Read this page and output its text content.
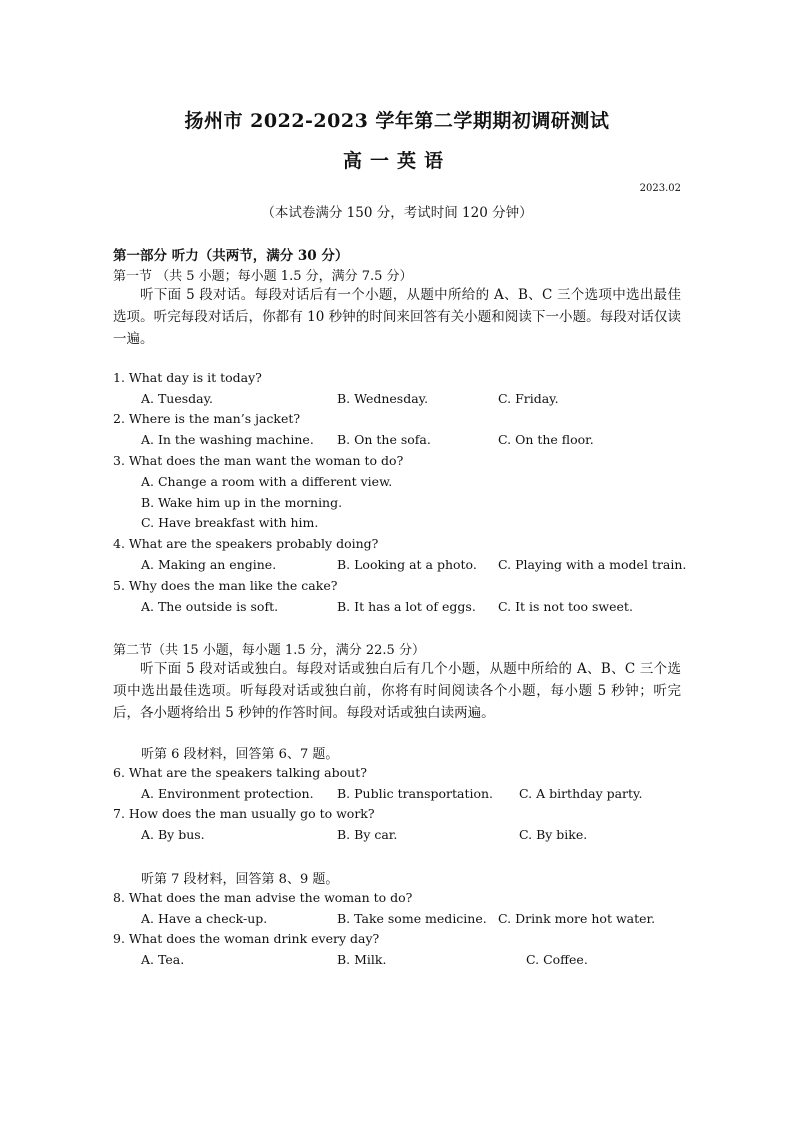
扬州市 2022-2023 学年第二学期期初调研测试
高一英语
2023.02
（本试卷满分 150 分，考试时间 120 分钟）
第一部分 听力（共两节，满分 30 分）
第一节 （共 5 小题；每小题 1.5 分，满分 7.5 分）
听下面 5 段对话。每段对话后有一个小题，从题中所给的 A、B、C 三个选项中选出最佳选项。听完每段对话后，你都有 10 秒钟的时间来回答有关小题和阅读下一小题。每段对话仅读一遍。
1. What day is it today?
A. Tuesday.	B. Wednesday.	C. Friday.
2. Where is the man’s jacket?
A. In the washing machine. B. On the sofa.	C. On the floor.
3. What does the man want the woman to do?
A. Change a room with a different view.
B. Wake him up in the morning.
C. Have breakfast with him.
4. What are the speakers probably doing?
A. Making an engine.	B. Looking at a photo. C. Playing with a model train.
5. Why does the man like the cake?
A. The outside is soft.	B. It has a lot of eggs. C. It is not too sweet.
第二节（共 15 小题，每小题 1.5 分，满分 22.5 分）
听下面 5 段对话或独白。每段对话或独白后有几个小题，从题中所给的 A、B、C 三个选项中选出最佳选项。听每段对话或独白前，你将有时间阅读各个小题，每小题 5 秒钟；听完后，各小题将给出 5 秒钟的作答时间。每段对话或独白读两遍。
听第 6 段材料，回答第 6、7 题。
6. What are the speakers talking about?
A. Environment protection. B. Public transportation. C. A birthday party.
7. How does the man usually go to work?
A. By bus.	B. By car.	C. By bike.
听第 7 段材料，回答第 8、9 题。
8. What does the man advise the woman to do?
A. Have a check-up.	B. Take some medicine. C. Drink more hot water.
9. What does the woman drink every day?
A. Tea.	B. Milk.	C. Coffee.
